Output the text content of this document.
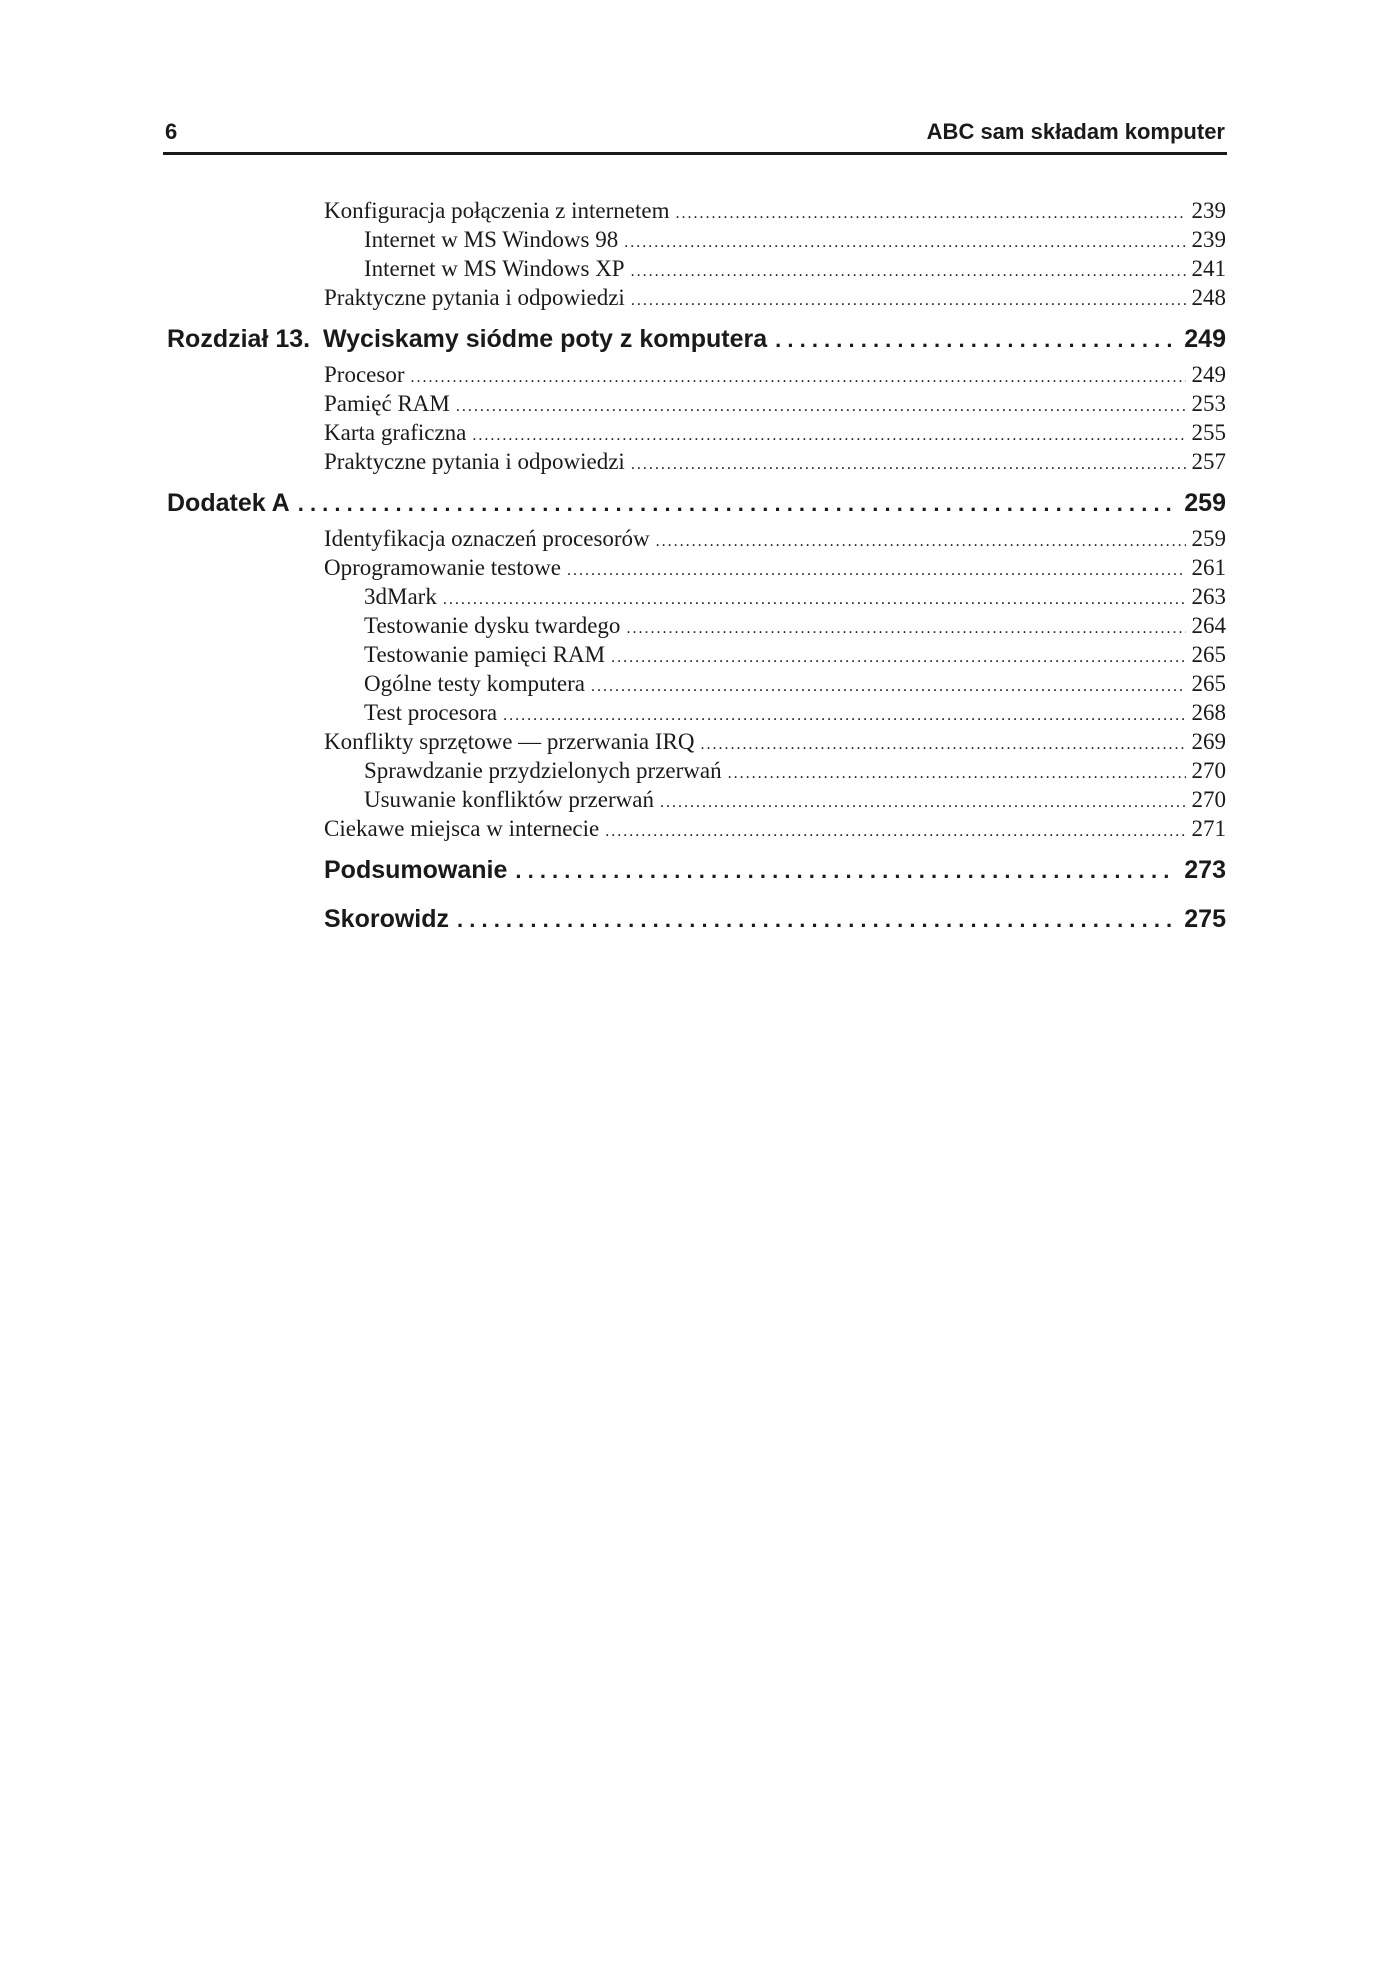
6	ABC sam składam komputer
Konfiguracja połączenia z internetem . . .	239
Internet w MS Windows 98 . . .	239
Internet w MS Windows XP . . .	241
Praktyczne pytania i odpowiedzi . . .	248
Rozdział 13. Wyciskamy siódme poty z komputera . . .	249
Procesor . . .	249
Pamięć RAM . . .	253
Karta graficzna . . .	255
Praktyczne pytania i odpowiedzi . . .	257
Dodatek A . . .	259
Identyfikacja oznaczeń procesorów . . .	259
Oprogramowanie testowe . . .	261
3dMark . . .	263
Testowanie dysku twardego . . .	264
Testowanie pamięci RAM . . .	265
Ogólne testy komputera . . .	265
Test procesora . . .	268
Konflikty sprzętowe — przerwania IRQ . . .	269
Sprawdzanie przydzielonych przerwań . . .	270
Usuwanie konfliktów przerwań . . .	270
Ciekawe miejsca w internecie . . .	271
Podsumowanie . . .	273
Skorowidz . . .	275
